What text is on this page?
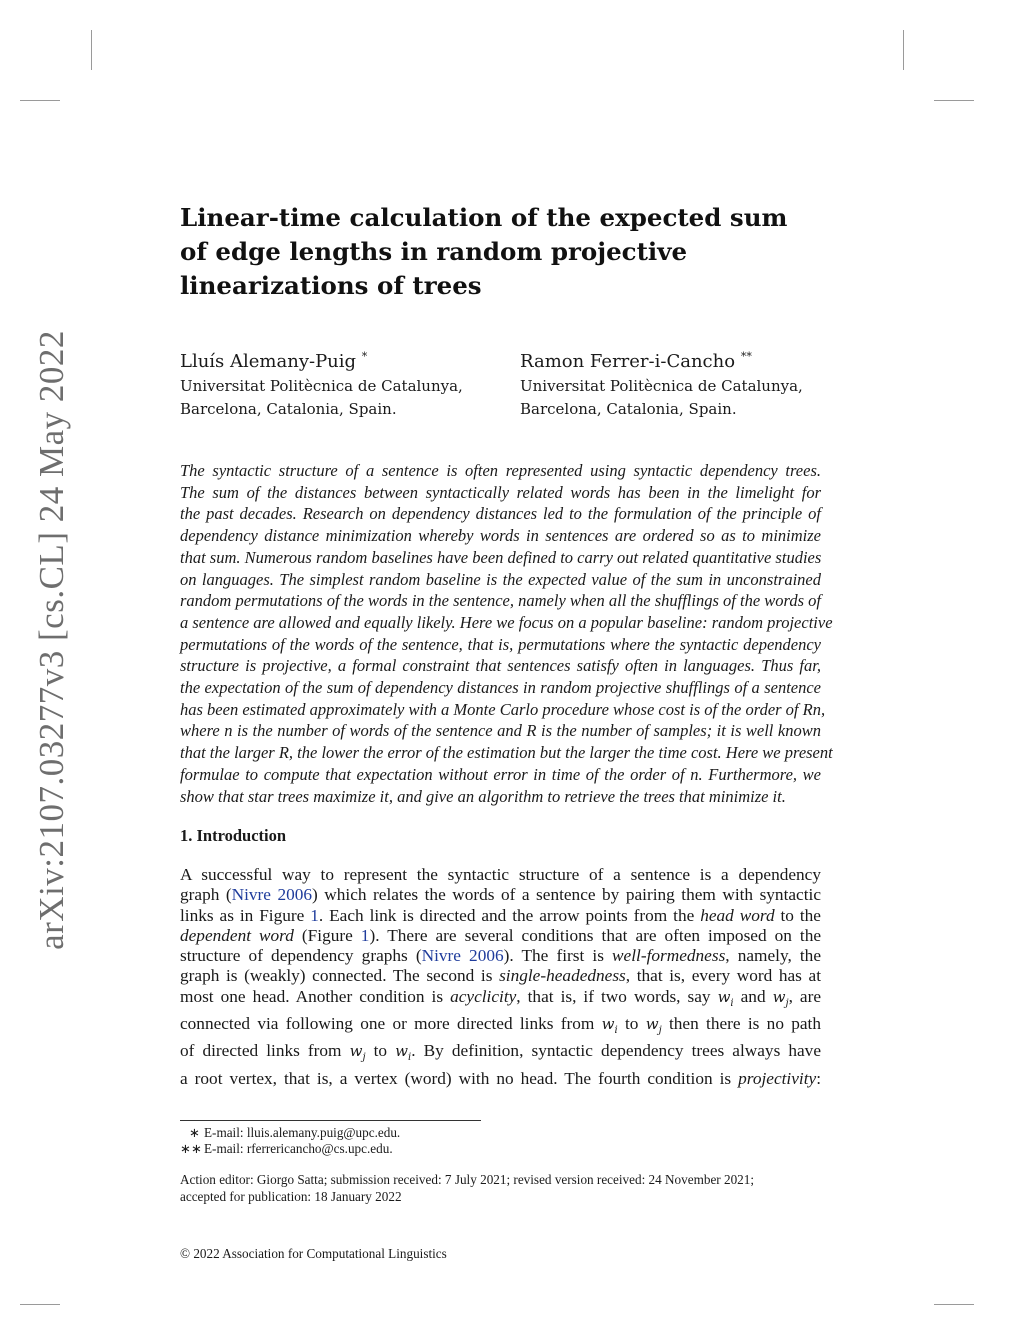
arXiv:2107.03277v3 [cs.CL] 24 May 2022
Linear-time calculation of the expected sum
of edge lengths in random projective
linearizations of trees
Lluís Alemany-Puig *
Universitat Politècnica de Catalunya,
Barcelona, Catalonia, Spain.
Ramon Ferrer-i-Cancho **
Universitat Politècnica de Catalunya,
Barcelona, Catalonia, Spain.
The syntactic structure of a sentence is often represented using syntactic dependency trees.
The sum of the distances between syntactically related words has been in the limelight for
the past decades. Research on dependency distances led to the formulation of the principle of
dependency distance minimization whereby words in sentences are ordered so as to minimize
that sum. Numerous random baselines have been defined to carry out related quantitative studies
on languages. The simplest random baseline is the expected value of the sum in unconstrained
random permutations of the words in the sentence, namely when all the shufflings of the words of
a sentence are allowed and equally likely. Here we focus on a popular baseline: random projective
permutations of the words of the sentence, that is, permutations where the syntactic dependency
structure is projective, a formal constraint that sentences satisfy often in languages. Thus far,
the expectation of the sum of dependency distances in random projective shufflings of a sentence
has been estimated approximately with a Monte Carlo procedure whose cost is of the order of Rn,
where n is the number of words of the sentence and R is the number of samples; it is well known
that the larger R, the lower the error of the estimation but the larger the time cost. Here we present
formulae to compute that expectation without error in time of the order of n. Furthermore, we
show that star trees maximize it, and give an algorithm to retrieve the trees that minimize it.
1. Introduction
A successful way to represent the syntactic structure of a sentence is a dependency
graph (Nivre 2006) which relates the words of a sentence by pairing them with syntactic
links as in Figure 1. Each link is directed and the arrow points from the head word to the
dependent word (Figure 1). There are several conditions that are often imposed on the
structure of dependency graphs (Nivre 2006). The first is well-formedness, namely, the
graph is (weakly) connected. The second is single-headedness, that is, every word has at
most one head. Another condition is acyclicity, that is, if two words, say $w_i$ and $w_j$, are
connected via following one or more directed links from $w_i$ to $w_j$ then there is no path
of directed links from $w_j$ to $w_i$. By definition, syntactic dependency trees always have
a root vertex, that is, a vertex (word) with no head. The fourth condition is projectivity:
∗ E-mail: lluis.alemany.puig@upc.edu.
∗∗ E-mail: rferrericancho@cs.upc.edu.
Action editor: Giorgo Satta; submission received: 7 July 2021; revised version received: 24 November 2021;
accepted for publication: 18 January 2022
© 2022 Association for Computational Linguistics
